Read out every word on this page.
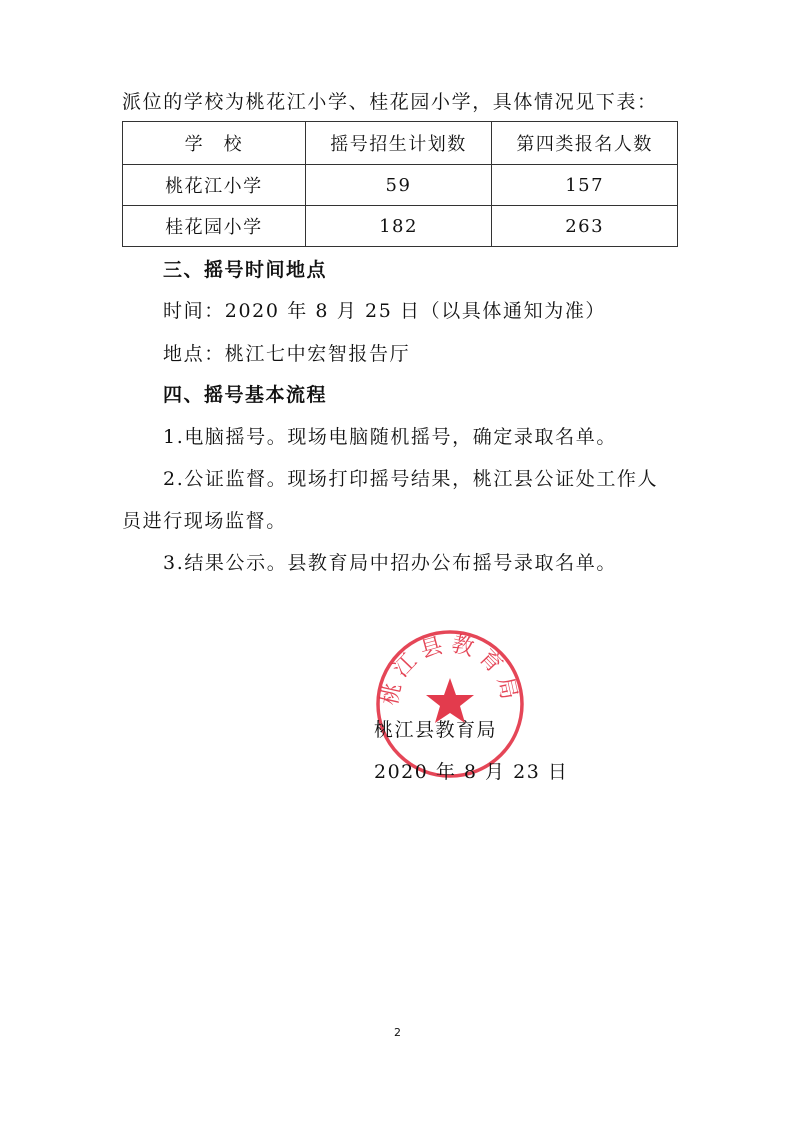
派位的学校为桃花江小学、桂花园小学，具体情况见下表：
学　校	摇号招生计划数	第四类报名人数
桃花江小学	59	157
桂花园小学	182	263
三、摇号时间地点
时间：2020 年 8 月 25 日（以具体通知为准）
地点：桃江七中宏智报告厅
四、摇号基本流程
1.电脑摇号。现场电脑随机摇号，确定录取名单。
2.公证监督。现场打印摇号结果，桃江县公证处工作人
员进行现场监督。
3.结果公示。县教育局中招办公布摇号录取名单。
桃江县教育局
桃江县教育局
2020 年 8 月 23 日
2
